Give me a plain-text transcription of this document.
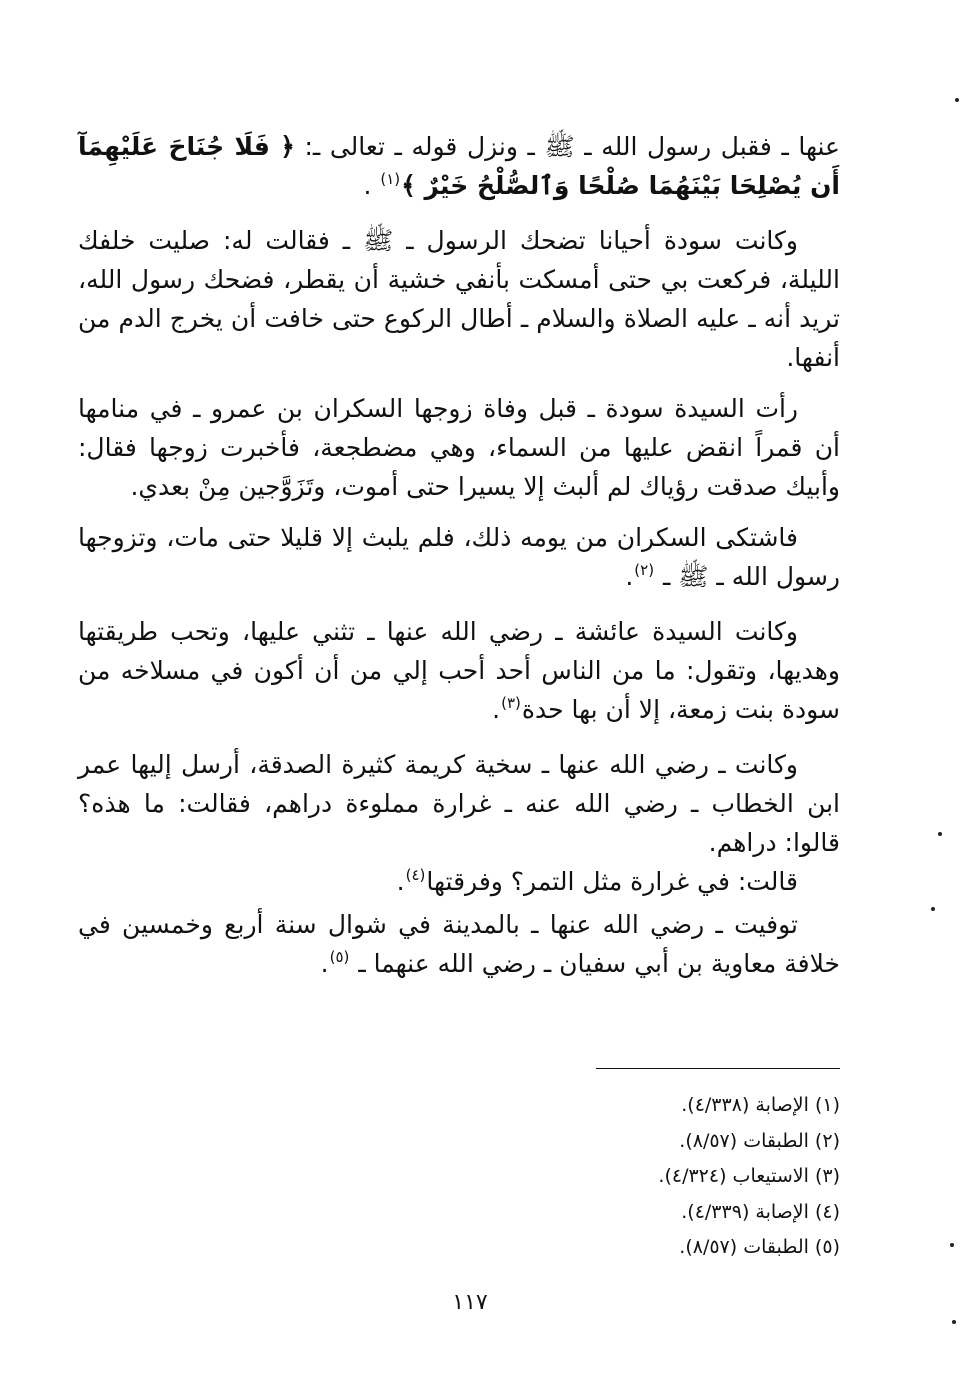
عنها ـ فقبل رسول الله ـ ﷺ ـ ونزل قوله ـ تعالى ـ: ﴿ فَلَا جُنَاحَ عَلَيْهِمَآ أَن يُصْلِحَا بَيْنَهُمَا صُلْحًا وَٱلصُّلْحُ خَيْرٌ ﴾$^{(١)}$ .

وكانت سودة أحيانا تضحك الرسول ـ ﷺ ـ فقالت له: صليت خلفك الليلة، فركعت بي حتى أمسكت بأنفي خشية أن يقطر، فضحك رسول الله، تريد أنه ـ عليه الصلاة والسلام ـ أطال الركوع حتى خافت أن يخرج الدم من أنفها.

رأت السيدة سودة ـ قبل وفاة زوجها السكران بن عمرو ـ في منامها أن قمراً انقض عليها من السماء، وهي مضطجعة، فأخبرت زوجها فقال: وأبيك صدقت رؤياك لم ألبث إلا يسيرا حتى أموت، وتَزَوَّجين مِنْ بعدي.

فاشتكى السكران من يومه ذلك، فلم يلبث إلا قليلا حتى مات، وتزوجها رسول الله ـ ﷺ ـ $^{(٢)}$.

وكانت السيدة عائشة ـ رضي الله عنها ـ تثني عليها، وتحب طريقتها وهديها، وتقول: ما من الناس أحد أحب إلي من أن أكون في مسلاخه من سودة بنت زمعة، إلا أن بها حدة$^{(٣)}$.

وكانت ـ رضي الله عنها ـ سخية كريمة كثيرة الصدقة، أرسل إليها عمر ابن الخطاب ـ رضي الله عنه ـ غرارة مملوءة دراهم، فقالت: ما هذه؟ قالوا: دراهم.

قالت: في غرارة مثل التمر؟ وفرقتها$^{(٤)}$.

توفيت ـ رضي الله عنها ـ بالمدينة في شوال سنة أربع وخمسين في خلافة معاوية بن أبي سفيان ـ رضي الله عنهما ـ $^{(٥)}$.

(١) الإصابة (٤/٣٣٨).
(٢) الطبقات (٨/٥٧).
(٣) الاستيعاب (٤/٣٢٤).
(٤) الإصابة (٤/٣٣٩).
(٥) الطبقات (٨/٥٧).
١١٧
